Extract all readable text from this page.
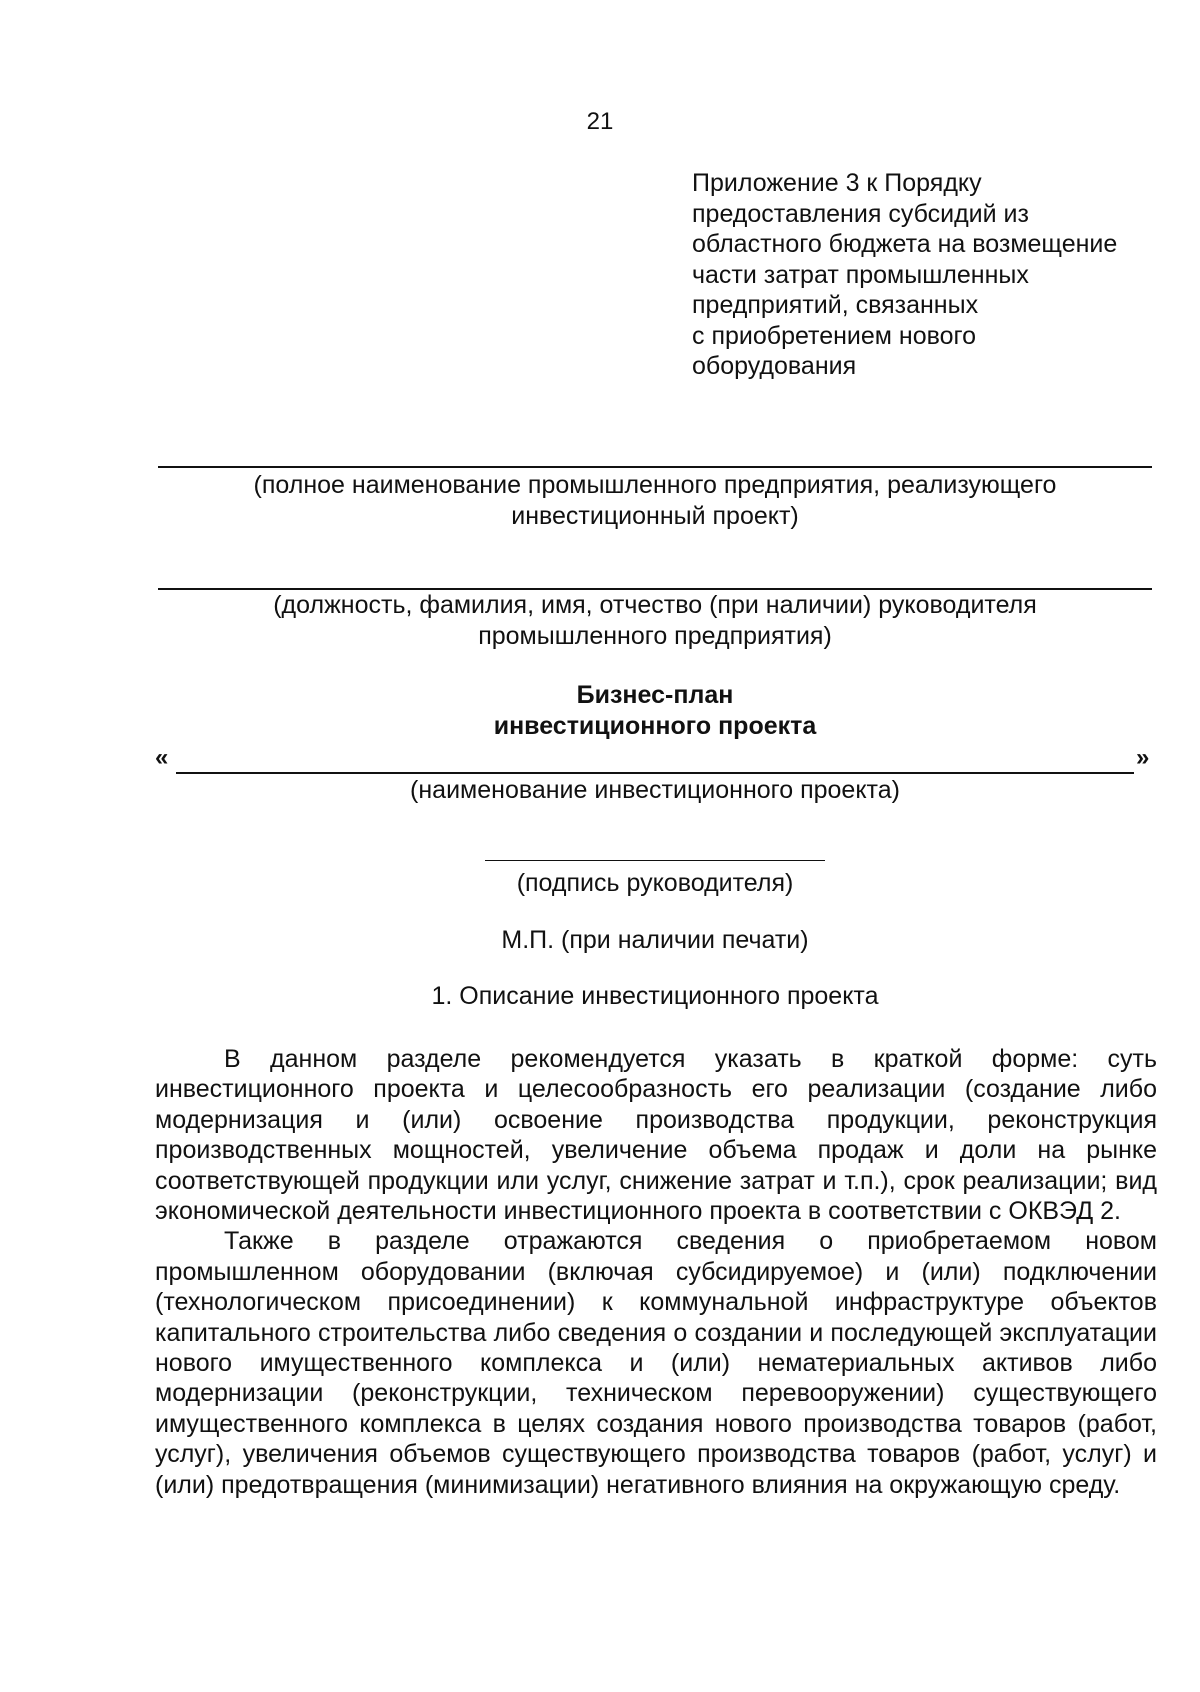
21
Приложение 3 к Порядку
предоставления субсидий из
областного бюджета на возмещение
части затрат промышленных
предприятий, связанных
с приобретением нового
оборудования
(полное наименование промышленного предприятия, реализующего
инвестиционный проект)
(должность, фамилия, имя, отчество (при наличии) руководителя
промышленного предприятия)
Бизнес-план
инвестиционного проекта
«	»
(наименование инвестиционного проекта)
(подпись руководителя)
М.П. (при наличии печати)
1. Описание инвестиционного проекта

В данном разделе рекомендуется указать в краткой форме: суть инвестиционного проекта и целесообразность его реализации (создание либо модернизация и (или) освоение производства продукции, реконструкция производственных мощностей, увеличение объема продаж и доли на рынке соответствующей продукции или услуг, снижение затрат и т.п.), срок реализации; вид экономической деятельности инвестиционного проекта в соответствии с ОКВЭД 2.

Также в разделе отражаются сведения о приобретаемом новом промышленном оборудовании (включая субсидируемое) и (или) подключении (технологическом присоединении) к коммунальной инфраструктуре объектов капитального строительства либо сведения о создании и последующей эксплуатации нового имущественного комплекса и (или) нематериальных активов либо модернизации (реконструкции, техническом перевооружении) существующего имущественного комплекса в целях создания нового производства товаров (работ, услуг), увеличения объемов существующего производства товаров (работ, услуг) и (или) предотвращения (минимизации) негативного влияния на окружающую среду.
